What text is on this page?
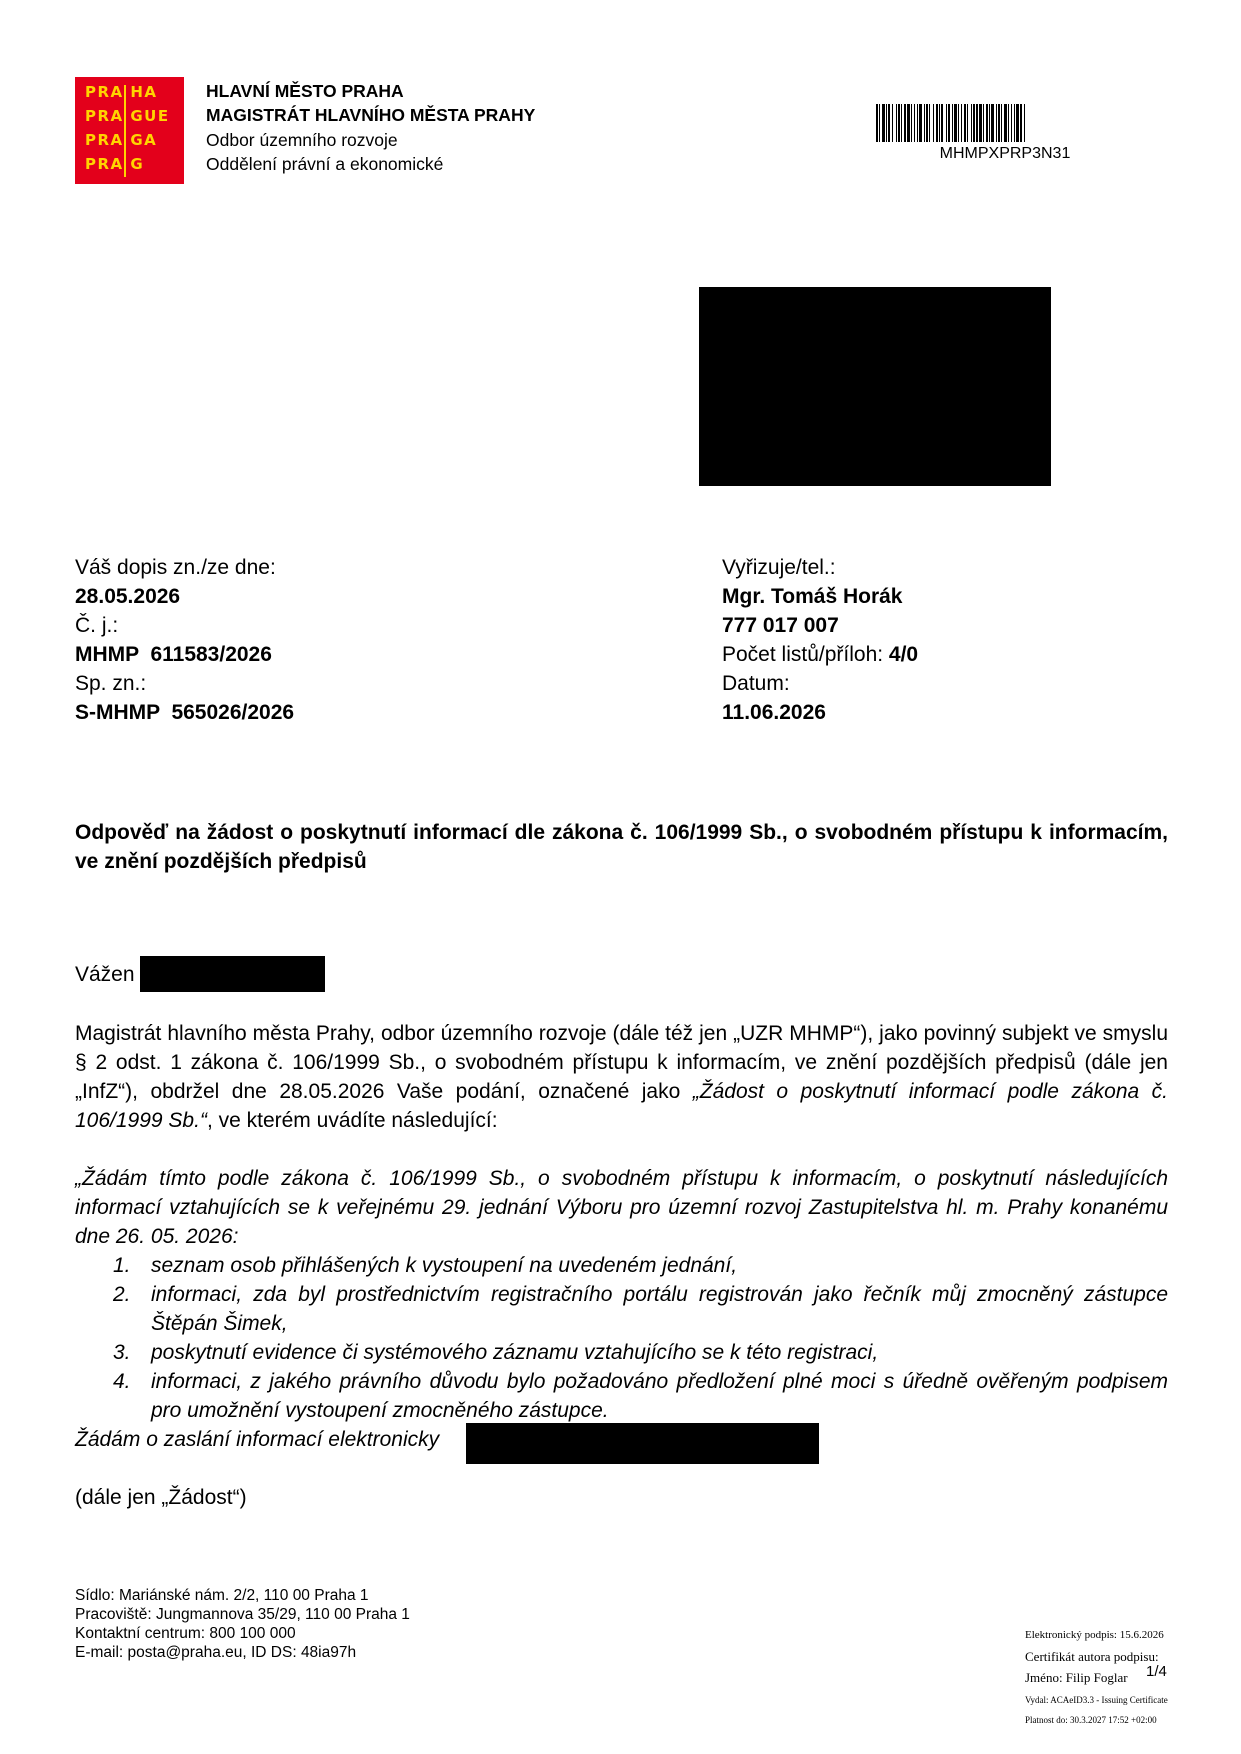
PRA HA
PRA GUE
PRA GA
PRA G
HLAVNÍ MĚSTO PRAHA
MAGISTRÁT HLAVNÍHO MĚSTA PRAHY
Odbor územního rozvoje
Oddělení právní a ekonomické
MHMPXPRP3N31
Váš dopis zn./ze dne:
28.05.2026
Č. j.:
MHMP  611583/2026
Sp. zn.:
S-MHMP  565026/2026
Vyřizuje/tel.:
Mgr. Tomáš Horák
777 017 007
Počet listů/příloh: 4/0
Datum:
11.06.2026
Odpověď na žádost o poskytnutí informací dle zákona č. 106/1999 Sb., o svobodném přístupu k informacím, ve znění pozdějších předpisů
Vážen
Magistrát hlavního města Prahy, odbor územního rozvoje (dále též jen „UZR MHMP“), jako povinný subjekt ve smyslu § 2 odst. 1 zákona č. 106/1999 Sb., o svobodném přístupu k informacím, ve znění pozdějších předpisů (dále jen „InfZ“), obdržel dne 28.05.2026 Vaše podání, označené jako „Žádost o poskytnutí informací podle zákona č. 106/1999 Sb.“, ve kterém uvádíte následující:
„Žádám tímto podle zákona č. 106/1999 Sb., o svobodném přístupu k informacím, o poskytnutí následujících informací vztahujících se k veřejnému 29. jednání Výboru pro územní rozvoj Zastupitelstva hl. m. Prahy konanému dne 26. 05. 2026:
1. seznam osob přihlášených k vystoupení na uvedeném jednání,
2. informaci, zda byl prostřednictvím registračního portálu registrován jako řečník můj zmocněný zástupce Štěpán Šimek,
3. poskytnutí evidence či systémového záznamu vztahujícího se k této registraci,
4. informaci, z jakého právního důvodu bylo požadováno předložení plné moci s úředně ověřeným podpisem pro umožnění vystoupení zmocněného zástupce.
Žádám o zaslání informací elektronicky
(dále jen „Žádost“)
Sídlo: Mariánské nám. 2/2, 110 00 Praha 1
Pracoviště: Jungmannova 35/29, 110 00 Praha 1
Kontaktní centrum: 800 100 000
E-mail: posta@praha.eu, ID DS: 48ia97h
Elektronický podpis: 15.6.2026
Certifikát autora podpisu:
Jméno: Filip Foglar
Vydal: ACAeID3.3 - Issuing Certificate
Platnost do: 30.3.2027 17:52 +02:00
1/4
